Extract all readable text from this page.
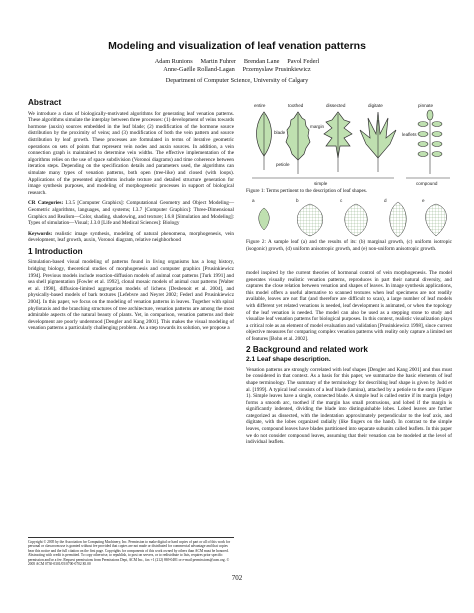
Modeling and visualization of leaf venation patterns
Adam Runions     Martin Fuhrer     Brendan Lane     Pavol Federl
Anne-Gaëlle Rolland-Lagan     Przemyslaw Prusinkiewicz
Department of Computer Science, University of Calgary
Abstract

We introduce a class of biologically-motivated algorithms for generating leaf venation patterns. These algorithms simulate the interplay between three processes: (1) development of veins towards hormone (auxin) sources embedded in the leaf blade; (2) modification of the hormone source distribution by the proximity of veins; and (3) modification of both the vein pattern and source distribution by leaf growth. These processes are formulated in terms of iterative geometric operations on sets of points that represent vein nodes and auxin sources. In addition, a vein connection graph is maintained to determine vein widths. The effective implementation of the algorithms relies on the use of space subdivision (Voronoi diagrams) and time coherence between iteration steps. Depending on the specification details and parameters used, the algorithms can simulate many types of venation patterns, both open (tree-like) and closed (with loops). Applications of the presented algorithms include texture and detailed structure generation for image synthesis purposes, and modeling of morphogenetic processes in support of biological research.

CR Categories: I.3.5 [Computer Graphics]: Computational Geometry and Object Modeling—Geometric algorithms, languages, and systems; I.3.7 [Computer Graphics]: Three-Dimensional Graphics and Realism—Color, shading, shadowing, and texture; I.6.8 [Simulation and Modeling]: Types of simulation—Visual; J.3.0 [Life and Medical Sciences]: Biology

Keywords: realistic image synthesis, modeling of natural phenomena, morphogenesis, vein development, leaf growth, auxin, Voronoi diagram, relative neighborhood

1 Introduction

Simulation-based visual modeling of patterns found in living organisms has a long history, bridging biology, theoretical studies of morphogenesis and computer graphics [Prusinkiewicz 1994]. Previous models include reaction-diffusion models of animal coat patterns [Turk 1991] and sea shell pigmentation [Fowler et al. 1992], clonal mosaic models of animal coat patterns [Walter et al. 1998], diffusion-limited aggregation models of lichens [Desbenoit et al. 2004], and physically-based models of bark textures [Lefebvre and Neyret 2002; Federl and Prusinkiewicz 2004]. In this paper, we focus on the modeling of venation patterns in leaves. Together with spiral phyllotaxis and the branching structures of tree architecture, venation patterns are among the most admirable aspects of the natural beauty of plants. Yet, in comparison, venation patterns and their development are poorly understood [Dengler and Kang 2001]. This makes the visual modeling of venation patterns a particularly challenging problem. As a step towards its solution, we propose a

Copyright © 2005 by the Association for Computing Machinery, Inc. Permission to make digital or hard copies of part or all of this work for personal or classroom use is granted without fee provided that copies are not made or distributed for commercial advantage and that copies bear this notice and the full citation on the first page. Copyrights for components of this work owned by others than ACM must be honored. Abstracting with credit is permitted. To copy otherwise, to republish, to post on servers, or to redistribute to lists, requires prior specific permission and/or a fee. Request permissions from Permissions Dept, ACM Inc., fax +1 (212) 869-0481 or e-mail permissions@acm.org. © 2005 ACM 0730-0301/05/0700-0702 $5.00
entire	toothed	dissected	digitate	pinnate
blade
margin
petiole
leaflets
simple	compound
Figure 1: Terms pertinent to the description of leaf shapes.
a	b	c	d	e
Figure 2: A sample leaf (a) and the results of its: (b) marginal growth, (c) uniform isotropic (isogonic) growth, (d) uniform anisotropic growth, and (e) non-uniform anisotropic growth.

model inspired by the current theories of hormonal control of vein morphogenesis. The model generates visually realistic venation patterns, reproduces in part their natural diversity, and captures the close relation between venation and shapes of leaves. In image synthesis applications, this model offers a useful alternative to scanned textures when leaf specimens are not readily available, leaves are not flat (and therefore are difficult to scan), a large number of leaf models with different yet related venations is needed, leaf development is animated, or when the topology of the leaf venation is needed. The model can also be used as a stepping stone to study and visualize leaf venation patterns for biological purposes. In this context, realistic visualization plays a critical role as an element of model evaluation and validation [Prusinkiewicz 1998], since current objective measures for comparing complex venation patterns with reality only capture a limited set of features [Bohn et al. 2002].

2 Background and related work
2.1 Leaf shape description.

Venation patterns are strongly correlated with leaf shapes [Dengler and Kang 2001] and thus must be considered in that context. As a basis for this paper, we summarize the basic elements of leaf shape terminology. The summary of the terminology for describing leaf shape is given by Judd et al. [1999]. A typical leaf consists of a leaf blade (lamina), attached by a petiole to the stem (Figure 1). Simple leaves have a single, connected blade. A simple leaf is called entire if its margin (edge) forms a smooth arc, toothed if the margin has small protrusions, and lobed if the margin is significantly indented, dividing the blade into distinguishable lobes. Lobed leaves are further categorized as dissected, with the indentation approximately perpendicular to the leaf axis, and digitate, with the lobes organized radially (like fingers on the hand). In contrast to the simple leaves, compound leaves have blades partitioned into separate subunits called leaflets. In this paper we do not consider compound leaves, assuming that their venation can be modeled at the level of individual leaflets.

702
